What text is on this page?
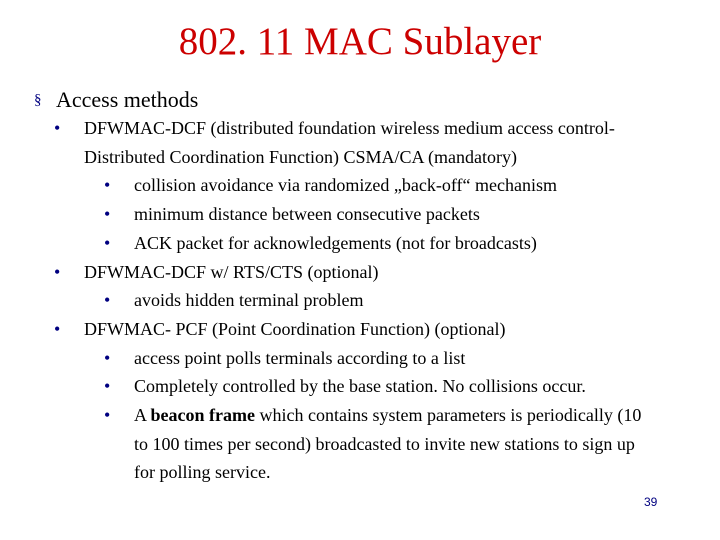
802. 11 MAC Sublayer
§ Access methods
• DFWMAC-DCF (distributed foundation wireless medium access control-
Distributed Coordination Function) CSMA/CA (mandatory)
• collision avoidance via randomized „back-off“ mechanism
• minimum distance between consecutive packets
• ACK packet for acknowledgements (not for broadcasts)
• DFWMAC-DCF w/ RTS/CTS (optional)
• avoids hidden terminal problem
• DFWMAC- PCF (Point Coordination Function) (optional)
• access point polls terminals according to a list
• Completely controlled by the base station. No collisions occur.
• A beacon frame which contains system parameters is periodically (10
to 100 times per second) broadcasted to invite new stations to sign up
for polling service.
39
